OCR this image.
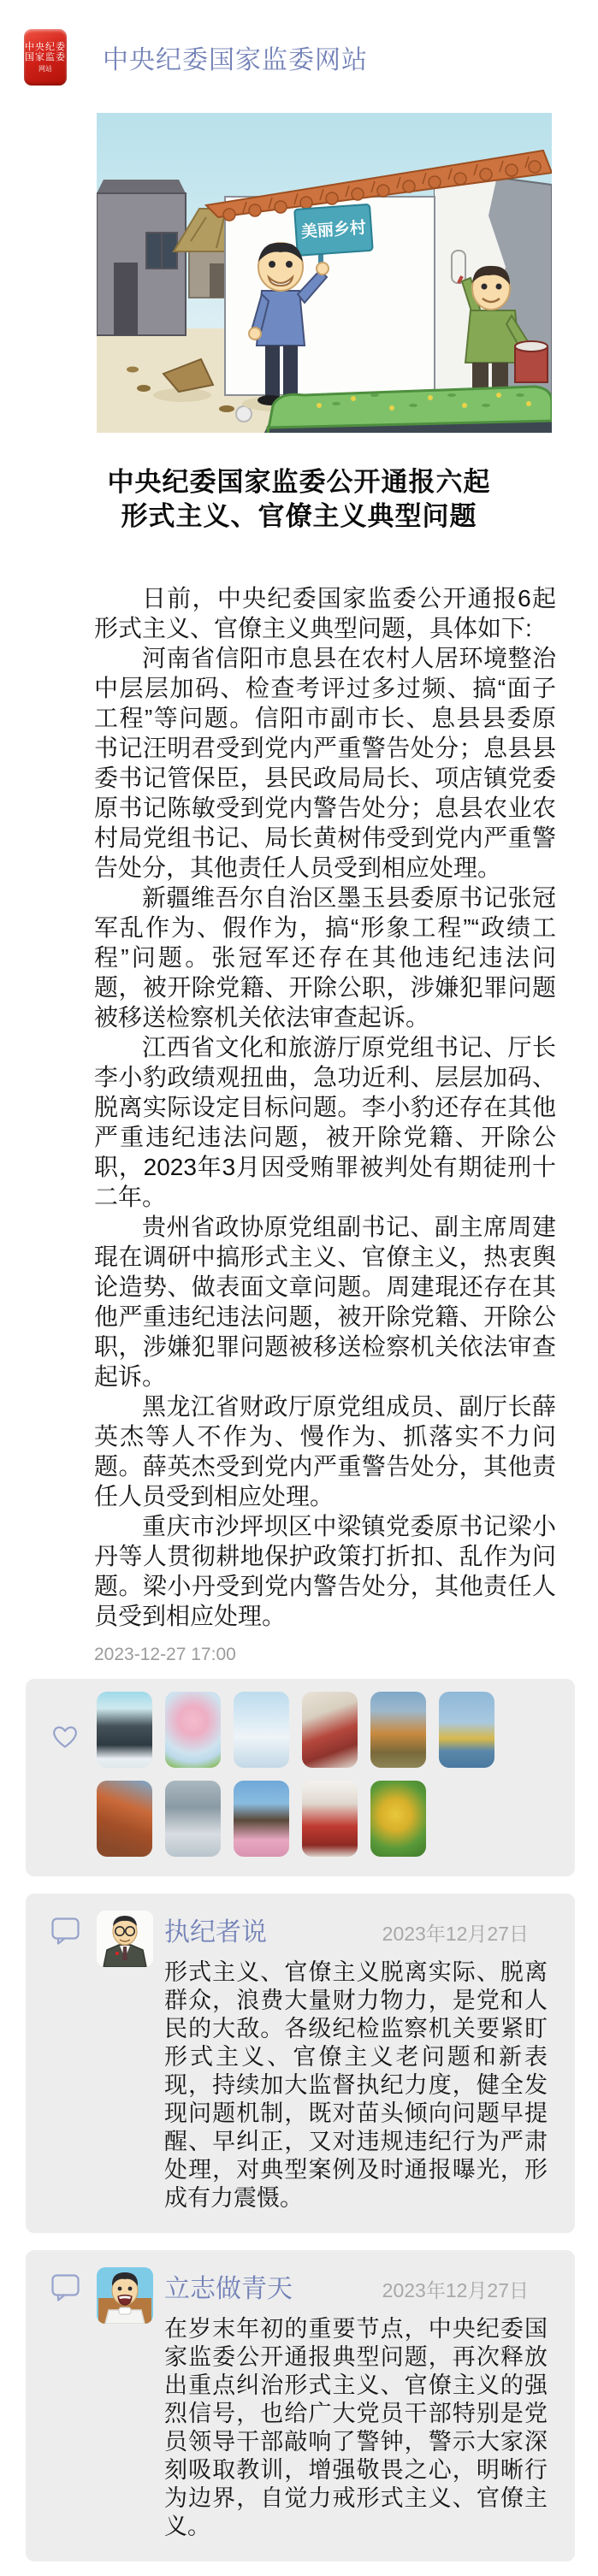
中央纪委
国家监委
网站 中央纪委国家监委网站
美丽乡村
中央纪委国家监委公开通报六起
形式主义、官僚主义典型问题

日前，中央纪委国家监委公开通报6起形式主义、官僚主义典型问题，具体如下:

河南省信阳市息县在农村人居环境整治中层层加码、检查考评过多过频、搞“面子工程”等问题。信阳市副市长、息县县委原书记汪明君受到党内严重警告处分；息县县委书记管保臣，县民政局局长、项店镇党委原书记陈敏受到党内警告处分；息县农业农村局党组书记、局长黄树伟受到党内严重警告处分，其他责任人员受到相应处理。

新疆维吾尔自治区墨玉县委原书记张冠军乱作为、假作为，搞“形象工程”“政绩工程”问题。张冠军还存在其他违纪违法问题，被开除党籍、开除公职，涉嫌犯罪问题被移送检察机关依法审查起诉。

江西省文化和旅游厅原党组书记、厅长李小豹政绩观扭曲，急功近利、层层加码、脱离实际设定目标问题。李小豹还存在其他严重违纪违法问题，被开除党籍、开除公职，2023年3月因受贿罪被判处有期徒刑十二年。

贵州省政协原党组副书记、副主席周建琨在调研中搞形式主义、官僚主义，热衷舆论造势、做表面文章问题。周建琨还存在其他严重违纪违法问题，被开除党籍、开除公职，涉嫌犯罪问题被移送检察机关依法审查起诉。

黑龙江省财政厅原党组成员、副厅长薛英杰等人不作为、慢作为、抓落实不力问题。薛英杰受到党内严重警告处分，其他责任人员受到相应处理。

重庆市沙坪坝区中梁镇党委原书记梁小丹等人贯彻耕地保护政策打折扣、乱作为问题。梁小丹受到党内警告处分，其他责任人员受到相应处理。

2023-12-27 17:00
执纪者说	2023年12月27日
形式主义、官僚主义脱离实际、脱离群众，浪费大量财力物力，是党和人民的大敌。各级纪检监察机关要紧盯形式主义、官僚主义老问题和新表现，持续加大监督执纪力度，健全发现问题机制，既对苗头倾向问题早提醒、早纠正，又对违规违纪行为严肃处理，对典型案例及时通报曝光，形成有力震慑。
立志做青天	2023年12月27日
在岁末年初的重要节点，中央纪委国家监委公开通报典型问题，再次释放出重点纠治形式主义、官僚主义的强烈信号，也给广大党员干部特别是党员领导干部敲响了警钟，警示大家深刻吸取教训，增强敬畏之心，明晰行为边界，自觉力戒形式主义、官僚主义。
